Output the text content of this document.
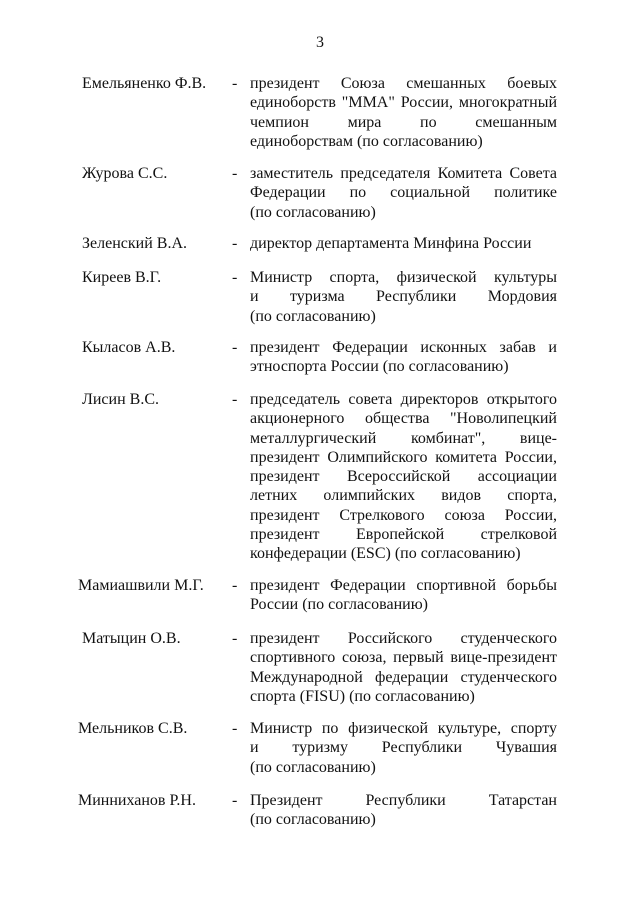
3
Емельяненко Ф.В. - президент Союза смешанных боевых
единоборств "ММА" России, многократный
чемпион мира по смешанным
единоборствам (по согласованию)
Журова С.С.	- заместитель председателя Комитета Совета
Федерации по социальной политике
(по согласованию)
Зеленский В.А.	- директор департамента Минфина России
Киреев В.Г.	- Министр спорта, физической культуры
и туризма Республики Мордовия
(по согласованию)
Кыласов А.В.	- президент Федерации исконных забав и
этноспорта России (по согласованию)
Лисин В.С.	- председатель совета директоров открытого
акционерного общества "Новолипецкий
металлургический комбинат", вице-
президент Олимпийского комитета России,
президент Всероссийской ассоциации
летних олимпийских видов спорта,
президент Стрелкового союза России,
президент Европейской стрелковой
конфедерации (ESC) (по согласованию)
Мамиашвили М.Г. - президент Федерации спортивной борьбы
России (по согласованию)
Матыцин О.В.	- президент Российского студенческого
спортивного союза, первый вице-президент
Международной федерации студенческого
спорта (FISU) (по согласованию)
Мельников С.В.	- Министр по физической культуре, спорту
и туризму Республики Чувашия
(по согласованию)
Минниханов Р.Н. - Президент Республики Татарстан
(по согласованию)
